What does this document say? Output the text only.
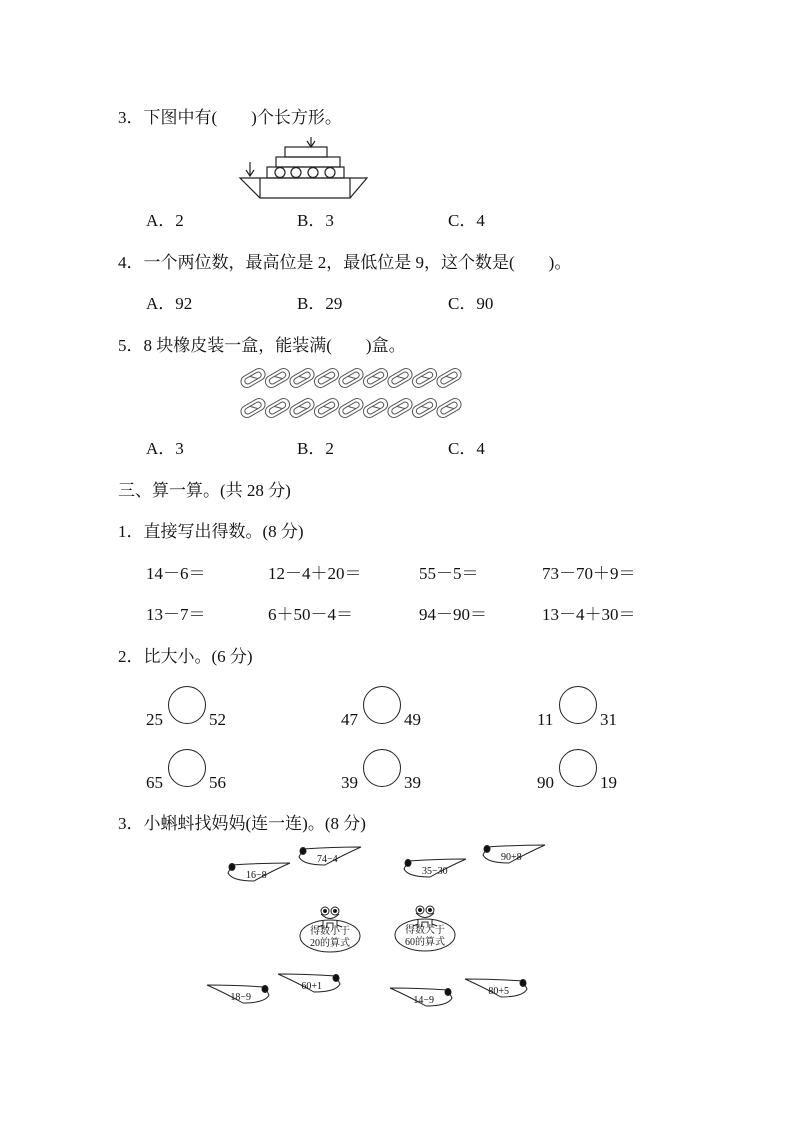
3．下图中有(　　)个长方形。
A．2	B．3	C．4
4．一个两位数，最高位是 2，最低位是 9，这个数是(　　)。
A．92	B．29	C．90
5．8 块橡皮装一盒，能装满(　　)盒。
A．3	B．2	C．4
三、算一算。(共 28 分)
1．直接写出得数。(8 分)
14－6＝	12－4＋20＝	55－5＝	73－70＋9＝
13－7＝	6＋50－4＝	94－90＝	13－4＋30＝
2．比大小。(6 分)
25	52	47	49	11	31
65	56	39	39	90	19
3．小蝌蚪找妈妈(连一连)。(8 分)
16−8
74−4
35−30
90+8
18−9
60+1
14−9
80+5
得数小于
20的算式
得数大于
60的算式
